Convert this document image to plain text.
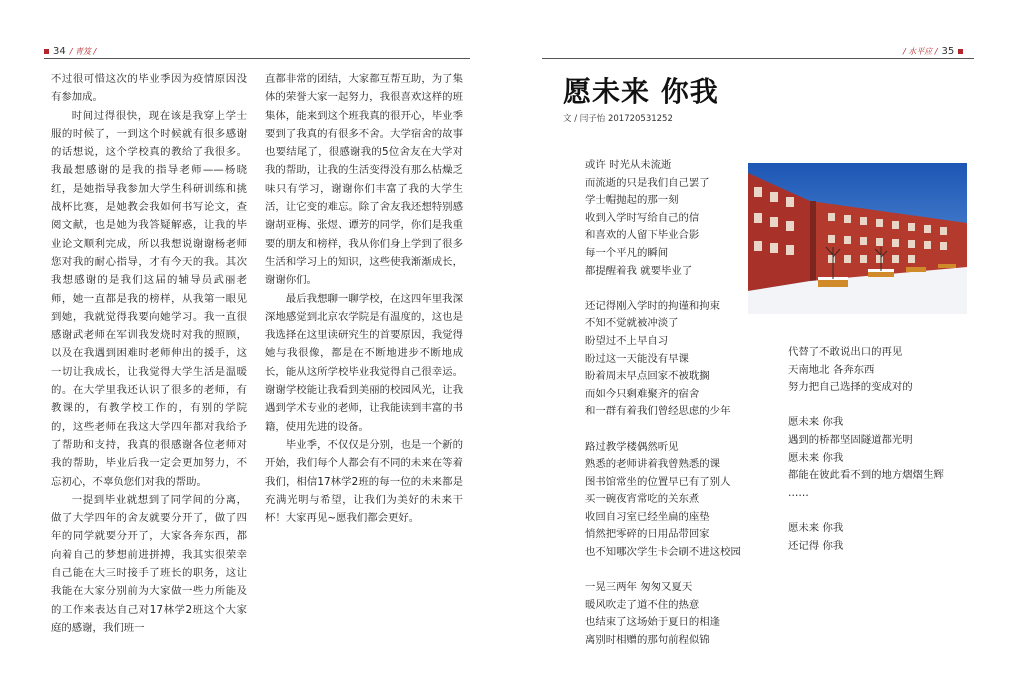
34 / 青笈 /

不过很可惜这次的毕业季因为疫情原因没有参加成。

时间过得很快，现在该是我穿上学士服的时候了，一到这个时候就有很多感谢的话想说，这个学校真的教给了我很多。我最想感谢的是我的指导老师——杨晓红，是她指导我参加大学生科研训练和挑战杯比赛，是她教会我如何书写论文，查阅文献，也是她为我答疑解惑，让我的毕业论文顺利完成，所以我想说谢谢杨老师您对我的耐心指导，才有今天的我。其次我想感谢的是我们这届的辅导员武丽老师，她一直都是我的榜样，从我第一眼见到她，我就觉得我要向她学习。我一直很感谢武老师在军训我发烧时对我的照顾，以及在我遇到困难时老师伸出的援手，这一切让我成长，让我觉得大学生活是温暖的。在大学里我还认识了很多的老师，有教课的，有教学校工作的，有别的学院的，这些老师在我这大学四年都对我给予了帮助和支持，我真的很感谢各位老师对我的帮助，毕业后我一定会更加努力，不忘初心，不辜负您们对我的帮助。

一提到毕业就想到了同学间的分离，做了大学四年的舍友就要分开了，做了四年的同学就要分开了，大家各奔东西，都向着自己的梦想前进拼搏，我其实很荣幸自己能在大三时接手了班长的职务，这让我能在大家分别前为大家做一些力所能及的工作来表达自己对17林学2班这个大家庭的感谢，我们班一

直都非常的团结，大家都互帮互助，为了集体的荣誉大家一起努力，我很喜欢这样的班集体，能来到这个班我真的很开心，毕业季要到了我真的有很多不舍。大学宿舍的故事也要结尾了，很感谢我的5位舍友在大学对我的帮助，让我的生活变得没有那么枯燥乏味只有学习，谢谢你们丰富了我的大学生活，让它变的难忘。除了舍友我还想特别感谢胡亚梅、张煜、谭芳的同学，你们是我重要的朋友和榜样，我从你们身上学到了很多生活和学习上的知识，这些使我渐渐成长，谢谢你们。

最后我想聊一聊学校，在这四年里我深深地感觉到北京农学院是有温度的，这也是我选择在这里读研究生的首要原因，我觉得她与我很像，都是在不断地进步不断地成长，能从这所学校毕业我觉得自己很幸运。谢谢学校能让我看到美丽的校园风光，让我遇到学术专业的老师，让我能读到丰富的书籍，使用先进的设备。

毕业季，不仅仅是分别，也是一个新的开始，我们每个人都会有不同的未来在等着我们，相信17林学2班的每一位的未来都是充满光明与希望，让我们为美好的未来干杯！大家再见~愿我们都会更好。

/ 水平应 / 35
愿未来 你我
文 / 闫子怡 201720531252
或许 时光从未流逝
而流逝的只是我们自己罢了
学士帽抛起的那一刻
收到入学时写给自己的信
和喜欢的人留下毕业合影
每一个平凡的瞬间
都提醒着我 就要毕业了
还记得刚入学时的拘谨和拘束
不知不觉就被冲淡了
盼望过不上早自习
盼过这一天能没有早课
盼着周末早点回家不被耽搁
而如今只剩难聚齐的宿舍
和一群有着我们曾经思虑的少年
路过教学楼偶然听见
熟悉的老师讲着我曾熟悉的课
图书馆常坐的位置早已有了别人
买一碗夜宵常吃的关东煮
收回自习室已经坐扁的座垫
悄然把零碎的日用品带回家
也不知哪次学生卡会刷不进这校园
一晃三两年 匆匆又夏天
暖风吹走了道不住的热意
也结束了这场始于夏日的相逢
离别时相赠的那句前程似锦
代替了不敢说出口的再见
天南地北 各奔东西
努力把自己选择的变成对的
愿未来 你我
遇到的桥都坚固隧道都光明
愿未来 你我
都能在彼此看不到的地方熠熠生辉
……
愿未来 你我
还记得 你我
